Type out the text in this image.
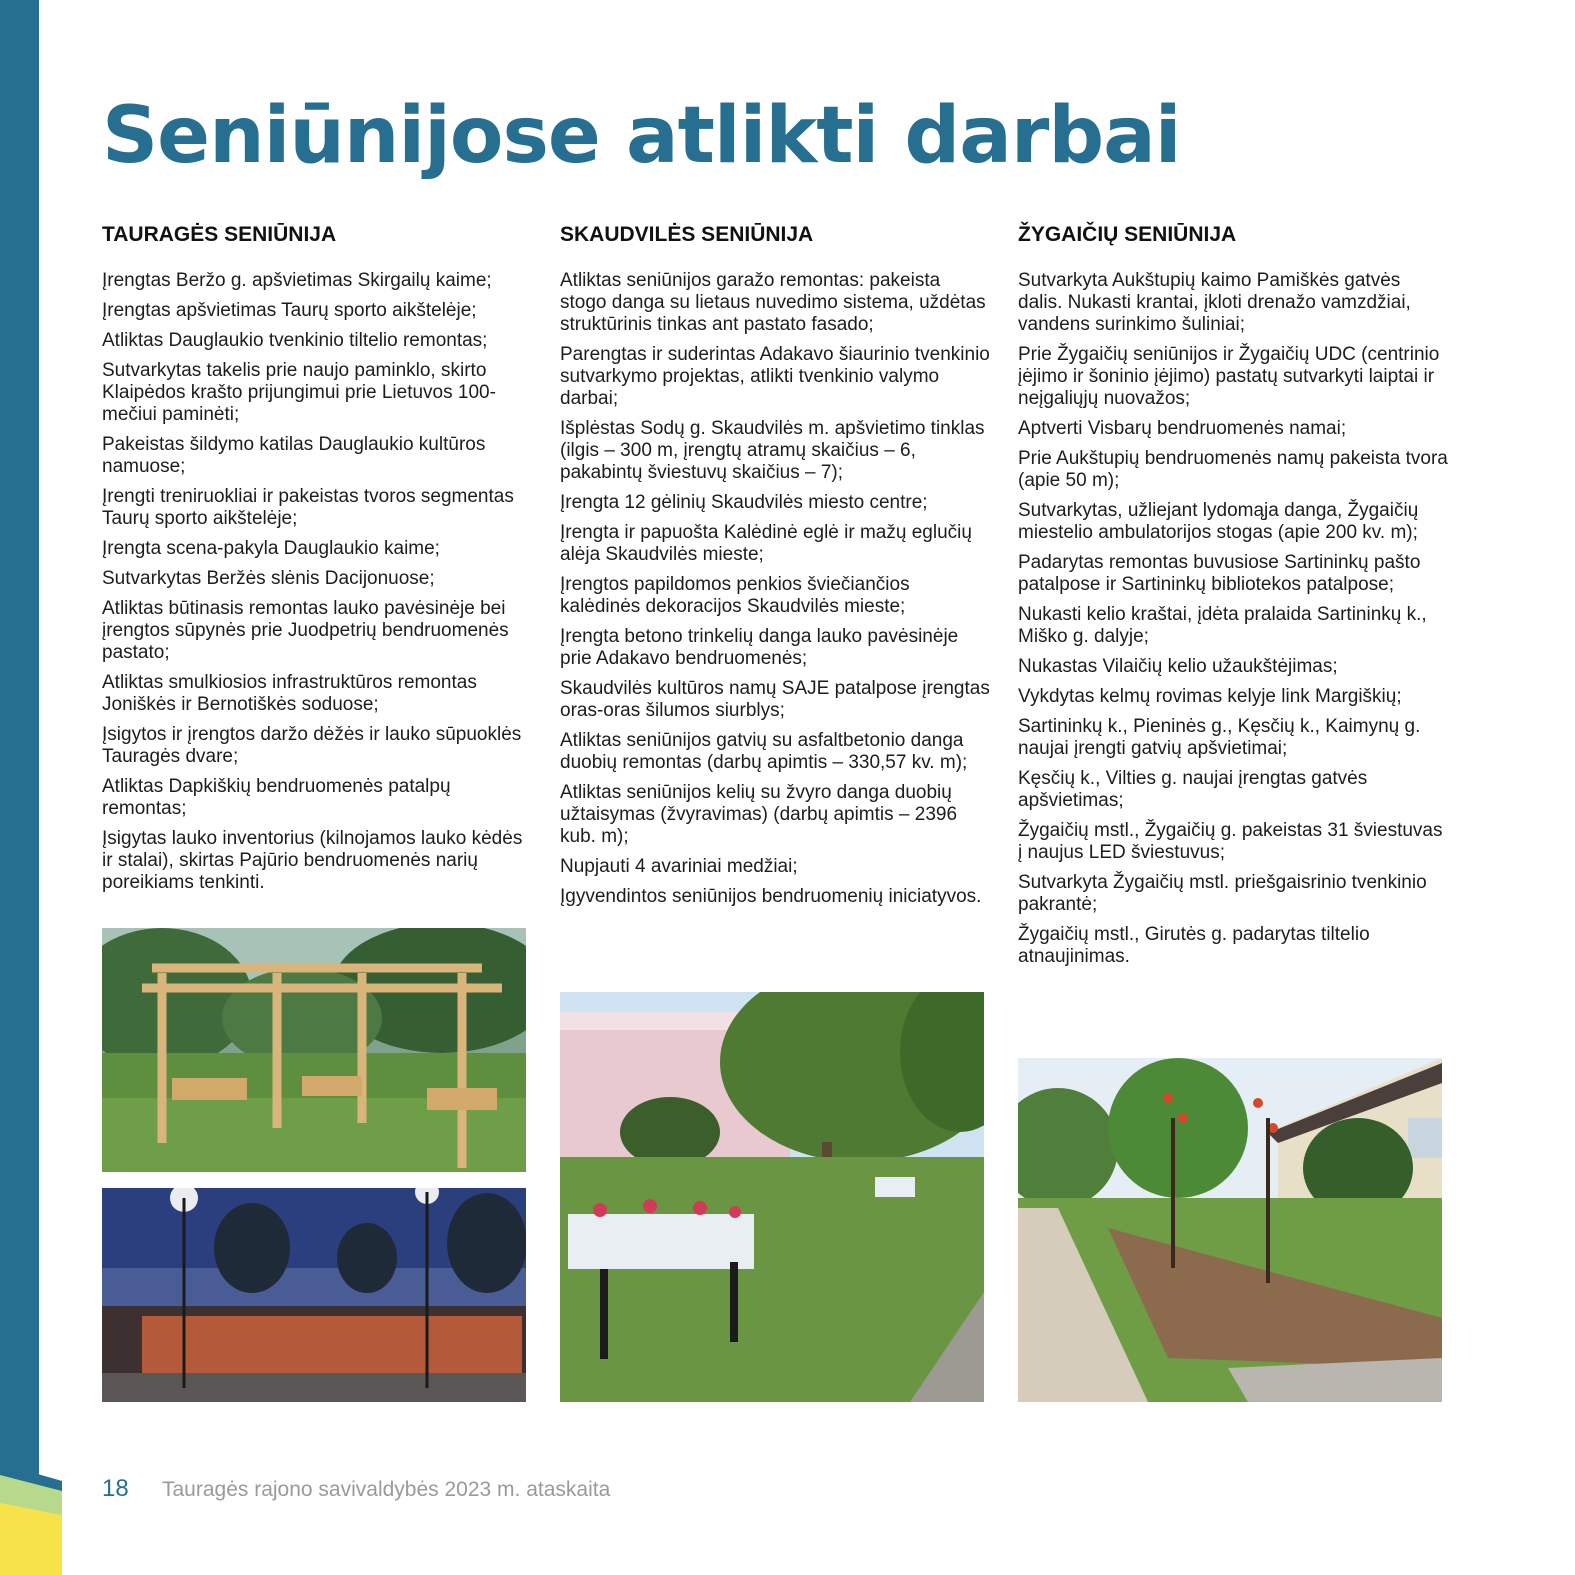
Seniūnijose atlikti darbai
TAURAGĖS SENIŪNIJA
Įrengtas Beržo g. apšvietimas Skirgailų kaime;
Įrengtas apšvietimas Taurų sporto aikštelėje;
Atliktas Dauglaukio tvenkinio tiltelio remontas;
Sutvarkytas takelis prie naujo paminklo, skirto Klaipėdos krašto prijungimui prie Lietuvos 100-mečiui paminėti;
Pakeistas šildymo katilas Dauglaukio kultūros namuose;
Įrengti treniruokliai ir pakeistas tvoros segmentas Taurų sporto aikštelėje;
Įrengta scena-pakyla Dauglaukio kaime;
Sutvarkytas Beržės slėnis Dacijonuose;
Atliktas būtinasis remontas lauko pavėsinėje bei įrengtos sūpynės prie Juodpetrių bendruomenės pastato;
Atliktas smulkiosios infrastruktūros remontas Joniškės ir Bernotiškės soduose;
Įsigytos ir įrengtos daržo dėžės ir lauko sūpuoklės Tauragės dvare;
Atliktas Dapkiškių bendruomenės patalpų remontas;
Įsigytas lauko inventorius (kilnojamos lauko kėdės ir stalai), skirtas Pajūrio bendruomenės narių poreikiams tenkinti.
SKAUDVILĖS SENIŪNIJA
Atliktas seniūnijos garažo remontas: pakeista stogo danga su lietaus nuvedimo sistema, uždėtas struktūrinis tinkas ant pastato fasado;
Parengtas ir suderintas Adakavo šiaurinio tvenkinio sutvarkymo projektas, atlikti tvenkinio valymo darbai;
Išplėstas Sodų g. Skaudvilės m. apšvietimo tinklas (ilgis – 300 m, įrengtų atramų skaičius – 6, pakabintų šviestuvų skaičius – 7);
Įrengta 12 gėlinių Skaudvilės miesto centre;
Įrengta ir papuošta Kalėdinė eglė ir mažų eglučių alėja Skaudvilės mieste;
Įrengtos papildomos penkios šviečiančios kalėdinės dekoracijos Skaudvilės mieste;
Įrengta betono trinkelių danga lauko pavėsinėje prie Adakavo bendruomenės;
Skaudvilės kultūros namų SAJE patalpose įrengtas oras-oras šilumos siurblys;
Atliktas seniūnijos gatvių su asfaltbetonio danga duobių remontas (darbų apimtis – 330,57 kv. m);
Atliktas seniūnijos kelių su žvyro danga duobių užtaisymas (žvyravimas) (darbų apimtis – 2396 kub. m);
Nupjauti 4 avariniai medžiai;
Įgyvendintos seniūnijos bendruomenių iniciatyvos.
ŽYGAIČIŲ SENIŪNIJA
Sutvarkyta Aukštupių kaimo Pamiškės gatvės dalis. Nukasti krantai, įkloti drenažo vamzdžiai, vandens surinkimo šuliniai;
Prie Žygaičių seniūnijos ir Žygaičių UDC (centrinio įėjimo ir šoninio įėjimo) pastatų sutvarkyti laiptai ir neįgaliųjų nuovažos;
Aptverti Visbarų bendruomenės namai;
Prie Aukštupių bendruomenės namų pakeista tvora (apie 50 m);
Sutvarkytas, užliejant lydomąja danga, Žygaičių miestelio ambulatorijos stogas (apie 200 kv. m);
Padarytas remontas buvusiose Sartininkų pašto patalpose ir Sartininkų bibliotekos patalpose;
Nukasti kelio kraštai, įdėta pralaida Sartininkų k., Miško g. dalyje;
Nukastas Vilaičių kelio užaukštėjimas;
Vykdytas kelmų rovimas kelyje link Margiškių;
Sartininkų k., Pieninės g., Kęsčių k., Kaimynų g. naujai įrengti gatvių apšvietimai;
Kęsčių k., Vilties g. naujai įrengtas gatvės apšvietimas;
Žygaičių mstl., Žygaičių g. pakeistas 31 šviestuvas į naujus LED šviestuvus;
Sutvarkyta Žygaičių mstl. priešgaisrinio tvenkinio pakrantė;
Žygaičių mstl., Girutės g. padarytas tiltelio atnaujinimas.
18 Tauragės rajono savivaldybės 2023 m. ataskaita
